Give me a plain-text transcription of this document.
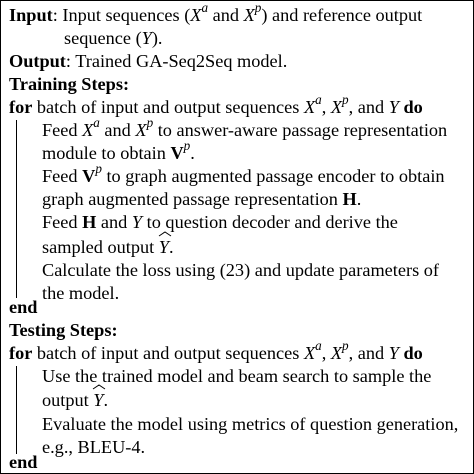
Input: Input sequences ($X^a$ and $X^p$) and reference output
sequence (Y).
Output: Trained GA-Seq2Seq model.
Training Steps:
for batch of input and output sequences $X^a$, $X^p$, and Y do
Feed $X^a$ and $X^p$ to answer-aware passage representation
module to obtain $V^p$.
Feed $V^p$ to graph augmented passage encoder to obtain
graph augmented passage representation H.
Feed H and Y to question decoder and derive the
sampled output
Y.
Calculate the loss using (23) and update parameters of
the model.
end
Testing Steps:
for batch of input and output sequences $X^a$, $X^p$, and Y do
Use the trained model and beam search to sample the
output
Y.
Evaluate the model using metrics of question generation,
e.g., BLEU-4.
end
